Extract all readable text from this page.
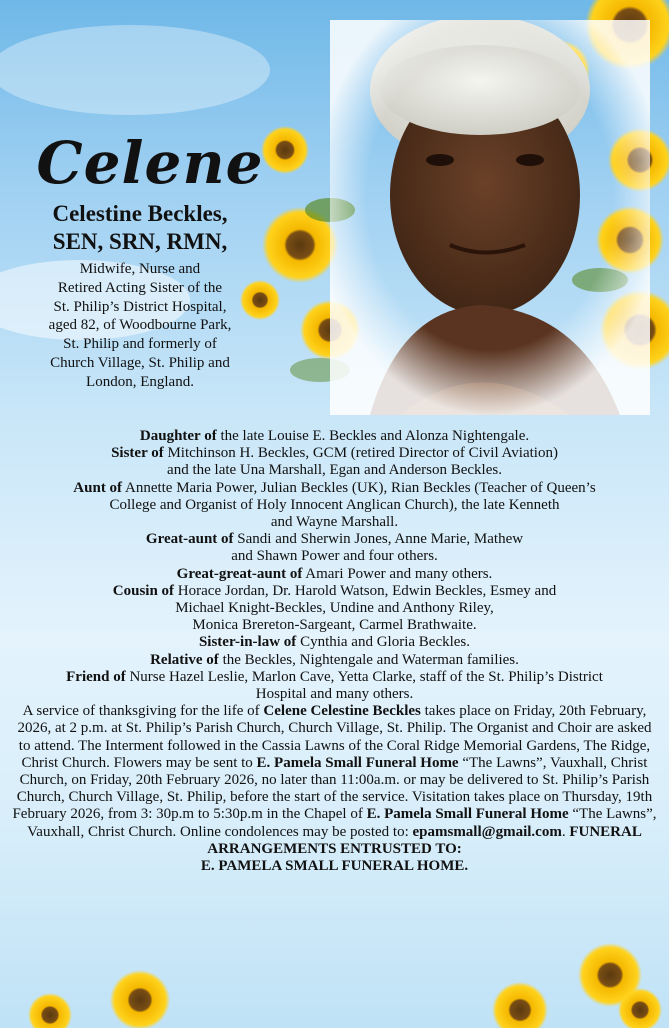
Celene
Celestine Beckles,
SEN, SRN, RMN,
Midwife, Nurse and
Retired Acting Sister of the
St. Philip’s District Hospital,
aged 82, of Woodbourne Park,
St. Philip and formerly of
Church Village, St. Philip and
London, England.

Daughter of the late Louise E. Beckles and Alonza Nightengale.

Sister of Mitchinson H. Beckles, GCM (retired Director of Civil Aviation)
and the late Una Marshall, Egan and Anderson Beckles.

Aunt of Annette Maria Power, Julian Beckles (UK), Rian Beckles (Teacher of Queen’s
College and Organist of Holy Innocent Anglican Church), the late Kenneth
and Wayne Marshall.

Great-aunt of Sandi and Sherwin Jones, Anne Marie, Mathew
and Shawn Power and four others.

Great-great-aunt of Amari Power and many others.

Cousin of Horace Jordan, Dr. Harold Watson, Edwin Beckles, Esmey and
Michael Knight-Beckles, Undine and Anthony Riley,
Monica Brereton-Sargeant, Carmel Brathwaite.

Sister-in-law of Cynthia and Gloria Beckles.

Relative of the Beckles, Nightengale and Waterman families.

Friend of Nurse Hazel Leslie, Marlon Cave, Yetta Clarke, staff of the St. Philip’s District
Hospital and many others.

A service of thanksgiving for the life of Celene Celestine Beckles takes place on Friday, 20th February, 2026, at 2 p.m. at St. Philip’s Parish Church, Church Village, St. Philip. The Organist and Choir are asked to attend. The Interment followed in the Cassia Lawns of the Coral Ridge Memorial Gardens, The Ridge, Christ Church. Flowers may be sent to E. Pamela Small Funeral Home “The Lawns”, Vauxhall, Christ Church, on Friday, 20th February 2026, no later than 11:00a.m. or may be delivered to St. Philip’s Parish Church, Church Village, St. Philip, before the start of the service. Visitation takes place on Thursday, 19th February 2026, from 3: 30p.m to 5:30p.m in the Chapel of E. Pamela Small Funeral Home “The Lawns”, Vauxhall, Christ Church. Online condolences may be posted to: epamsmall@gmail.com. FUNERAL ARRANGEMENTS ENTRUSTED TO:
E. PAMELA SMALL FUNERAL HOME.
